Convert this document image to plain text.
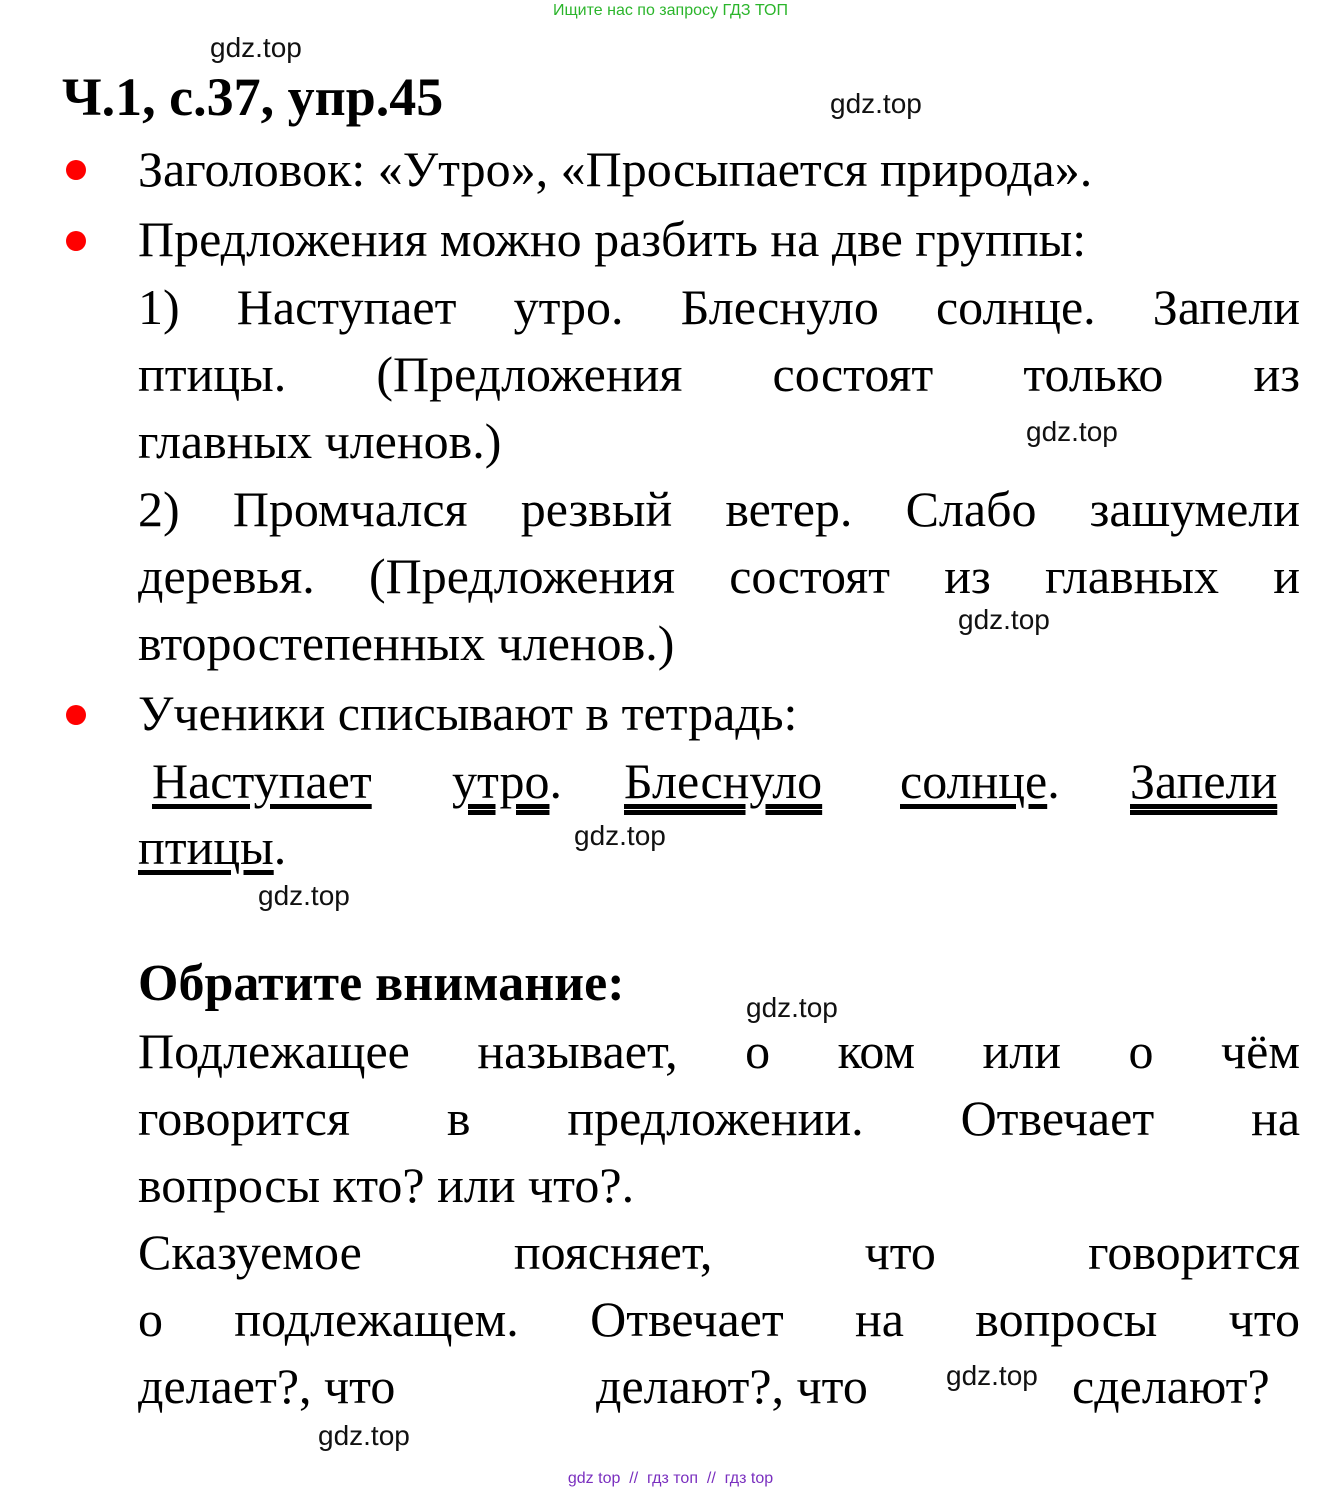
Ищите нас по запросу ГДЗ ТОП
gdz.top
Ч.1, с.37, упр.45	gdz.top
Заголовок: «Утро», «Просыпается природа».
Предложения можно разбить на две группы:
1) Наступает утро. Блеснуло солнце. Запели
птицы. (Предложения состоят только из
главных членов.)	gdz.top
2) Промчался резвый ветер. Слабо зашумели
деревья. (Предложения состоят из главных и
gdz.top
второстепенных членов.)
Ученики списывают в тетрадь:
Наступает утро. Блеснуло солнце. Запели
птицы.	gdz.top
gdz.top
Обратите внимание:	gdz.top
Подлежащее называет, о ком или о чём
говорится в предложении. Отвечает на
вопросы кто? или что?.
Сказуемое поясняет,	что	говорится
о подлежащем. Отвечает на вопросы что
делает?, что	делают?, что	gdz.top сделают?
gdz.top
gdz top  //  гдз топ  //  гдз top
